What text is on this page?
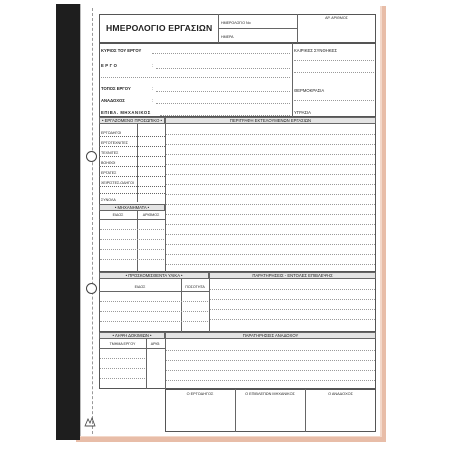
ΗΜΕΡΟΛΟΓΙΟ ΕΡΓΑΣΙΩΝ ΗΜΕΡΟΛΟΓΙΟ Νο
ΗΜΕΡΑ
ΑΡ. ΑΡΙΘΜΟΣ
ΚΥΡΙΟΣ ΤΟΥ ΕΡΓΟΥ
ΕΡΓΟ	:
ΤΟΠΟΣ ΕΡΓΟΥ	:
ΑΝΑΔΟΧΟΣ	:
ΕΠΙΒΛ. ΜΗΧΑΝΙΚΟΣ
ΚΑΙΡΙΚΕΣ ΣΥΝΘΗΚΕΣ
ΘΕΡΜΟΚΡΑΣΙΑ
ΥΓΡΑΣΙΑ
• ΕΡΓΑΖΟΜΕΝΟ ΠΡΟΣΩΠΙΚΟ •	ΠΕΡΙΓΡΑΦΗ ΕΚΤΕΛΟΥΜΕΝΩΝ ΕΡΓΑΣΙΩΝ
ΕΡΓΟΔΗΓΟΙ
ΕΡΓΟΤΕΧΝΙΤΕΣ
ΤΕΧΝΙΤΕΣ
ΒΟΗΘΟΙ
ΕΡΓΑΤΕΣ
ΧΕΙΡΙΣΤΕΣ-ΟΔΗΓΟΙ
ΣΥΝΟΛΑ
• ΜΗΧΑΝΗΜΑΤΑ •
ΕΙΔΟΣ	ΑΡΙΘΜΟΣ
• ΠΡΟΣΚΟΜΙΣΘΕΝΤΑ ΥΛΙΚΑ •	ΠΑΡΑΤΗΡΗΣΕΙΣ - ΕΝΤΟΛΕΣ ΕΠΙΒΛΕΨΗΣ
ΕΙΔΟΣ	ΠΟΣΟΤΗΤΑ
• ΛΗΨΗ ΔΟΚΙΜΙΩΝ •	ΠΑΡΑΤΗΡΗΣΕΙΣ ΑΝΑΔΟΧΟΥ
ΤΜΗΜΑ ΕΡΓΟΥ	ΑΡΙΘ.
Ο ΕΡΓΟΔΗΓΟΣ	Ο ΕΠΙΒΛΕΠΩΝ ΜΗΧΑΝΙΚΟΣ	Ο ΑΝΑΔΟΧΟΣ
